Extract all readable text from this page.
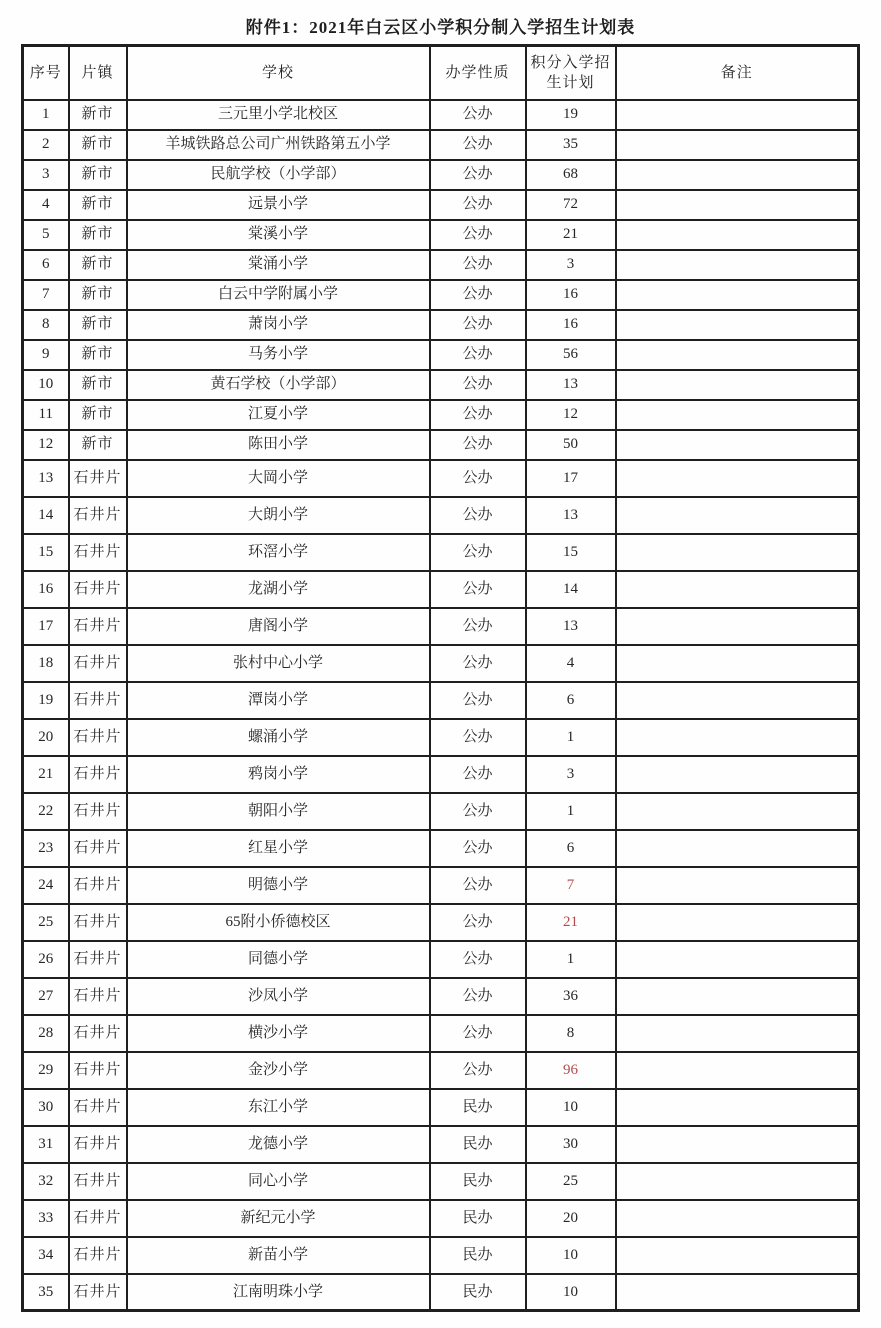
附件1：2021年白云区小学积分制入学招生计划表
序号	片镇	学校	办学性质	积分入学招生计划	备注
1	新市	三元里小学北校区	公办	19	
2	新市	羊城铁路总公司广州铁路第五小学	公办	35	
3	新市	民航学校（小学部）	公办	68	
4	新市	远景小学	公办	72	
5	新市	棠溪小学	公办	21	
6	新市	棠涌小学	公办	3	
7	新市	白云中学附属小学	公办	16	
8	新市	萧岗小学	公办	16	
9	新市	马务小学	公办	56	
10	新市	黄石学校（小学部）	公办	13	
11	新市	江夏小学	公办	12	
12	新市	陈田小学	公办	50	
13	石井片	大岡小学	公办	17	
14	石井片	大朗小学	公办	13	
15	石井片	环滘小学	公办	15	
16	石井片	龙湖小学	公办	14	
17	石井片	唐阁小学	公办	13	
18	石井片	张村中心小学	公办	4	
19	石井片	潭岗小学	公办	6	
20	石井片	螺涌小学	公办	1	
21	石井片	鸦岗小学	公办	3	
22	石井片	朝阳小学	公办	1	
23	石井片	红星小学	公办	6	
24	石井片	明德小学	公办	7	
25	石井片	65附小侨德校区	公办	21	
26	石井片	同德小学	公办	1	
27	石井片	沙凤小学	公办	36	
28	石井片	横沙小学	公办	8	
29	石井片	金沙小学	公办	96	
30	石井片	东江小学	民办	10	
31	石井片	龙德小学	民办	30	
32	石井片	同心小学	民办	25	
33	石井片	新纪元小学	民办	20	
34	石井片	新苗小学	民办	10	
35	石井片	江南明珠小学	民办	10	
